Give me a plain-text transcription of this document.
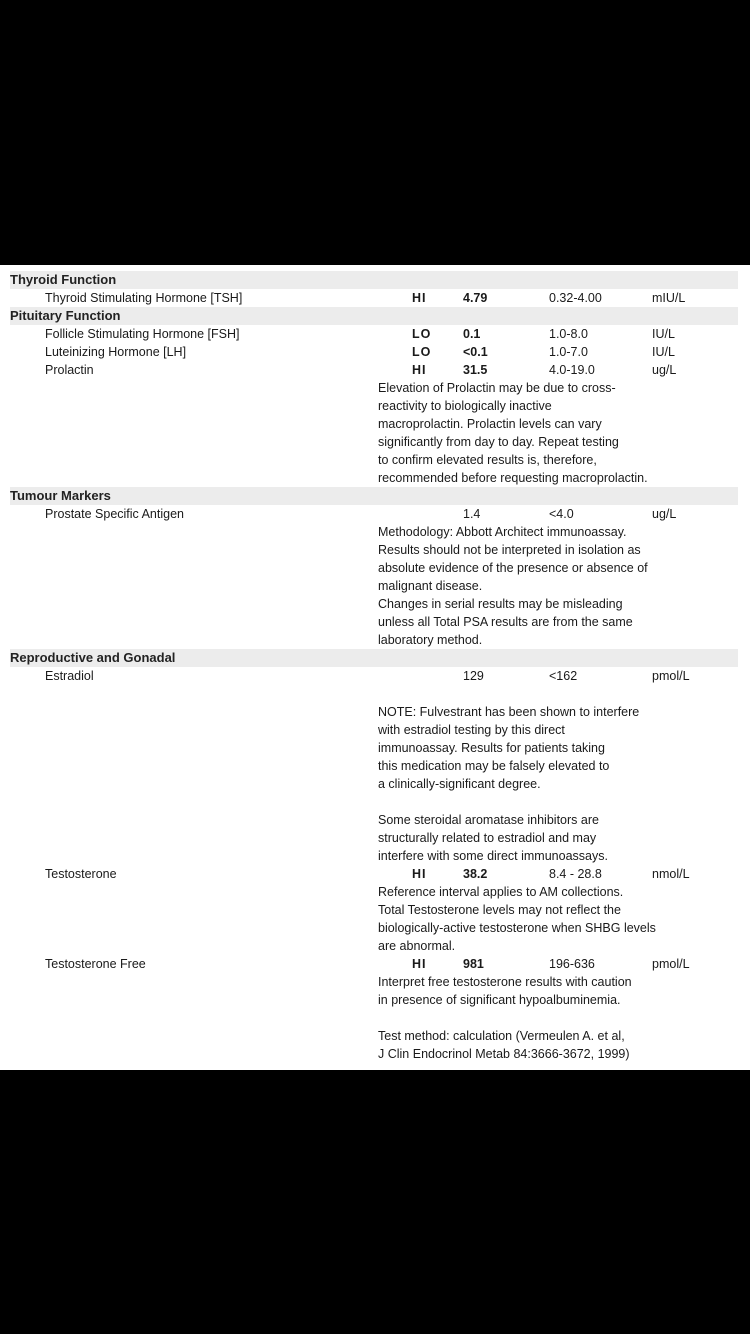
Thyroid Function
Thyroid Stimulating Hormone [TSH]	HI	4.79	0.32-4.00	mIU/L
Pituitary Function
Follicle Stimulating Hormone [FSH]	LO	0.1	1.0-8.0	IU/L
Luteinizing Hormone [LH]	LO	<0.1	1.0-7.0	IU/L
Prolactin	HI	31.5	4.0-19.0	ug/L
Elevation of Prolactin may be due to cross-
reactivity to biologically inactive
macroprolactin. Prolactin levels can vary
significantly from day to day. Repeat testing
to confirm elevated results is, therefore,
recommended before requesting macroprolactin.
Tumour Markers
Prostate Specific Antigen	1.4	<4.0	ug/L
Methodology: Abbott Architect immunoassay.
Results should not be interpreted in isolation as
absolute evidence of the presence or absence of
malignant disease.
Changes in serial results may be misleading
unless all Total PSA results are from the same
laboratory method.
Reproductive and Gonadal
Estradiol	129	<162	pmol/L
NOTE: Fulvestrant has been shown to interfere
with estradiol testing by this direct
immunoassay. Results for patients taking
this medication may be falsely elevated to
a clinically-significant degree.
Some steroidal aromatase inhibitors are
structurally related to estradiol and may
interfere with some direct immunoassays.
Testosterone	HI	38.2	8.4 - 28.8	nmol/L
Reference interval applies to AM collections.
Total Testosterone levels may not reflect the
biologically-active testosterone when SHBG levels
are abnormal.
Testosterone Free	HI	981	196-636	pmol/L
Interpret free testosterone results with caution
in presence of significant hypoalbuminemia.
Test method: calculation (Vermeulen A. et al,
J Clin Endocrinol Metab 84:3666-3672, 1999)
